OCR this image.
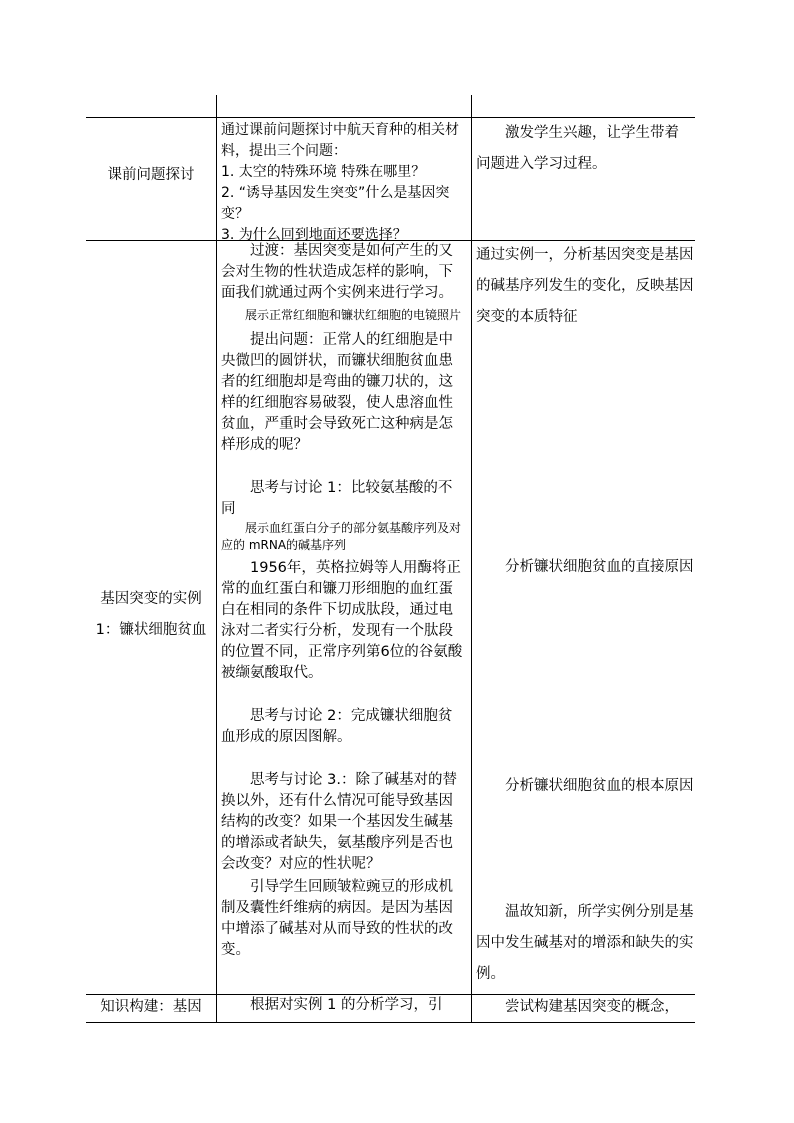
课前问题探讨

通过课前问题探讨中航天育种的相关材料，提出三个问题：

1. 太空的特殊环境 特殊在哪里？

2. “诱导基因发生突变”什么是基因突变？

3. 为什么回到地面还要选择？

激发学生兴趣，让学生带着问题进入学习过程。

基因突变的实例

1：镰状细胞贫血

过渡：基因突变是如何产生的又会对生物的性状造成怎样的影响，下面我们就通过两个实例来进行学习。

展示正常红细胞和镰状红细胞的电镜照片

提出问题：正常人的红细胞是中央微凹的圆饼状，而镰状细胞贫血患者的红细胞却是弯曲的镰刀状的，这样的红细胞容易破裂，使人患溶血性贫血，严重时会导致死亡这种病是怎样形成的呢？

思考与讨论 1：比较氨基酸的不同

展示血红蛋白分子的部分氨基酸序列及对应的 mRNA的碱基序列

1956年，英格拉姆等人用酶将正常的血红蛋白和镰刀形细胞的血红蛋白在相同的条件下切成肽段，通过电泳对二者实行分析，发现有一个肽段的位置不同，正常序列第6位的谷氨酸被缬氨酸取代。

思考与讨论 2：完成镰状细胞贫血形成的原因图解。

思考与讨论 3.：除了碱基对的替换以外，还有什么情况可能导致基因结构的改变？如果一个基因发生碱基的增添或者缺失，氨基酸序列是否也会改变？对应的性状呢？

引导学生回顾皱粒豌豆的形成机制及囊性纤维病的病因。是因为基因中增添了碱基对从而导致的性状的改变。

通过实例一，分析基因突变是基因的碱基序列发生的变化，反映基因突变的本质特征

分析镰状细胞贫血的直接原因

分析镰状细胞贫血的根本原因

温故知新，所学实例分别是基因中发生碱基对的增添和缺失的实例。

知识构建：基因	根据对实例 1 的分析学习，引	尝试构建基因突变的概念，
